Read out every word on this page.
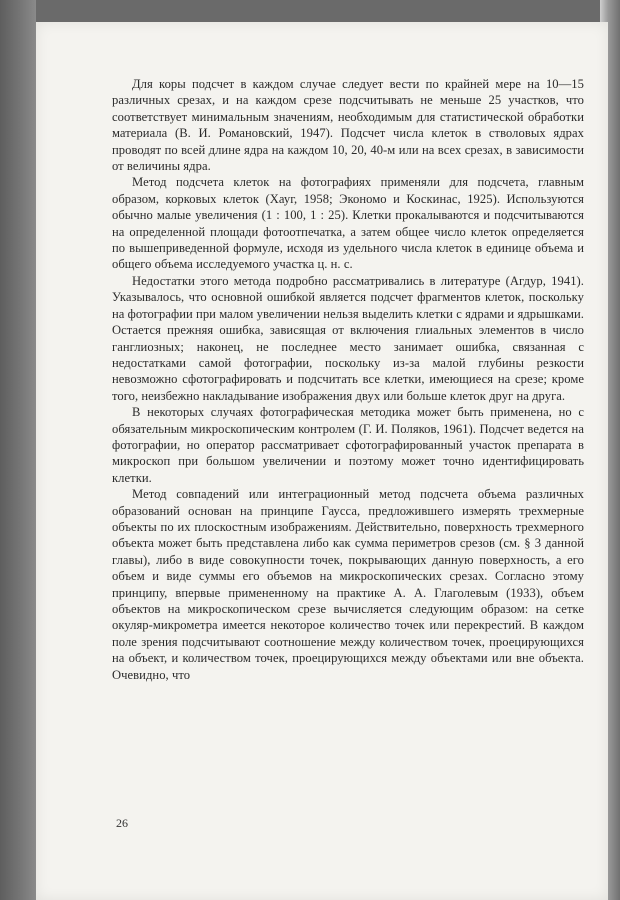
Для коры подсчет в каждом случае следует вести по крайней мере на 10—15 различных срезах, и на каждом срезе подсчитывать не меньше 25 участков, что соответствует минимальным значениям, необходимым для статистической обработки материала (В. И. Романовский, 1947). Подсчет числа клеток в стволовых ядрах проводят по всей длине ядра на каждом 10, 20, 40-м или на всех срезах, в зависимости от величины ядра.

Метод подсчета клеток на фотографиях применяли для подсчета, главным образом, корковых клеток (Хауг, 1958; Экономо и Коскинас, 1925). Используются обычно малые увеличения (1 : 100, 1 : 25). Клетки прокалываются и подсчитываются на определенной площади фотоотпечатка, а затем общее число клеток определяется по вышеприведенной формуле, исходя из удельного числа клеток в единице объема и общего объема исследуемого участка ц. н. с.

Недостатки этого метода подробно рассматривались в литературе (Агдур, 1941). Указывалось, что основной ошибкой является подсчет фрагментов клеток, поскольку на фотографии при малом увеличении нельзя выделить клетки с ядрами и ядрышками. Остается прежняя ошибка, зависящая от включения глиальных элементов в число ганглиозных; наконец, не последнее место занимает ошибка, связанная с недостатками самой фотографии, поскольку из-за малой глубины резкости невозможно сфотографировать и подсчитать все клетки, имеющиеся на срезе; кроме того, неизбежно накладывание изображения двух или больше клеток друг на друга.

В некоторых случаях фотографическая методика может быть применена, но с обязательным микроскопическим контролем (Г. И. Поляков, 1961). Подсчет ведется на фотографии, но оператор рассматривает сфотографированный участок препарата в микроскоп при большом увеличении и поэтому может точно идентифицировать клетки.

Метод совпадений или интеграционный метод подсчета объема различных образований основан на принципе Гаусса, предложившего измерять трехмерные объекты по их плоскостным изображениям. Действительно, поверхность трехмерного объекта может быть представлена либо как сумма периметров срезов (см. § 3 данной главы), либо в виде совокупности точек, покрывающих данную поверхность, а его объем и виде суммы его объемов на микроскопических срезах. Согласно этому принципу, впервые примененному на практике А. А. Глаголевым (1933), объем объектов на микроскопическом срезе вычисляется следующим образом: на сетке окуляр-микрометра имеется некоторое количество точек или перекрестий. В каждом поле зрения подсчитывают соотношение между количеством точек, проецирующихся на объект, и количеством точек, проецирующихся между объектами или вне объекта. Очевидно, что

26
